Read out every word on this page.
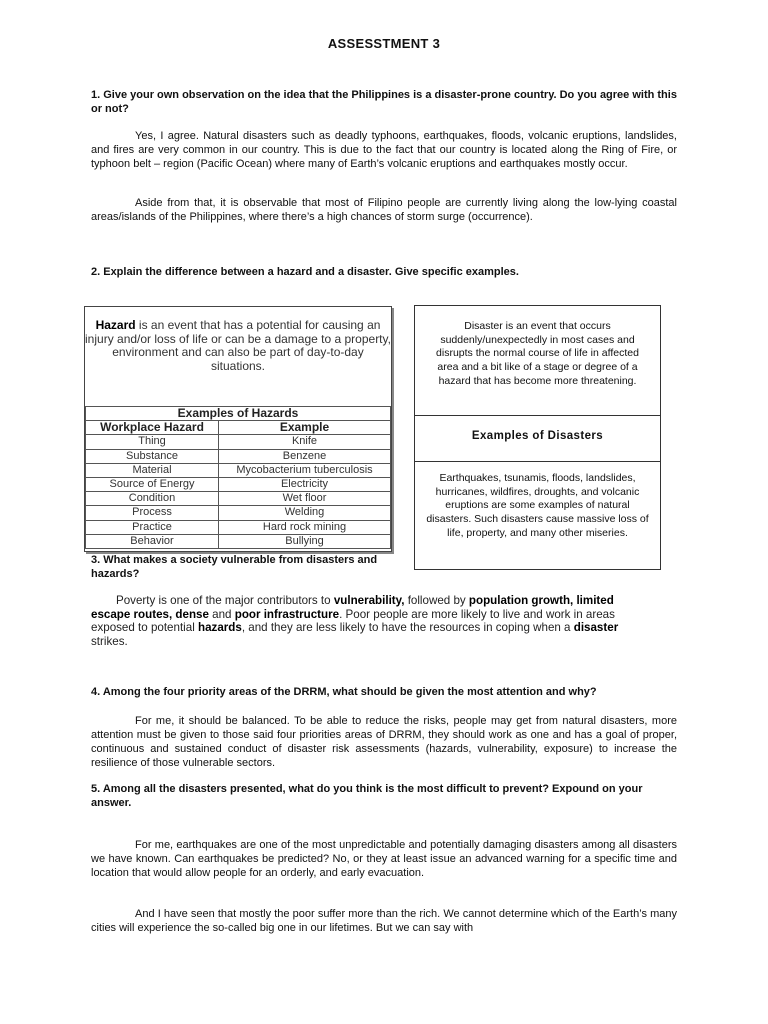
ASSESSTMENT 3
1. Give your own observation on the idea that the Philippines is a disaster-prone country. Do you agree with this or not?
Yes, I agree. Natural disasters such as deadly typhoons, earthquakes, floods, volcanic eruptions, landslides, and fires are very common in our country. This is due to the fact that our country is located along the Ring of Fire, or typhoon belt – region (Pacific Ocean) where many of Earth’s volcanic eruptions and earthquakes mostly occur.
Aside from that, it is observable that most of Filipino people are currently living along the low-lying coastal areas/islands of the Philippines, where there’s a high chances of storm surge (occurrence).
2. Explain the difference between a hazard and a disaster. Give specific examples.
Hazard is an event that has a potential for causing an injury and/or loss of life or can be a damage to a property, environment and can also be part of day-to-day situations.
Examples of Hazards	
Workplace Hazard	Example
Thing	Knife
Substance	Benzene
Material	Mycobacterium tuberculosis
Source of Energy	Electricity
Condition	Wet floor
Process	Welding
Practice	Hard rock mining
Behavior	Bullying
Disaster is an event that occurs suddenly/unexpectedly in most cases and disrupts the normal course of life in affected area and a bit like of a stage or degree of a hazard that has become more threatening.
Examples of Disasters
Earthquakes, tsunamis, floods, landslides, hurricanes, wildfires, droughts, and volcanic eruptions are some examples of natural disasters. Such disasters cause massive loss of life, property, and many other miseries.
3. What makes a society vulnerable from disasters and hazards?
Poverty is one of the major contributors to vulnerability, followed by population growth, limited escape routes, dense and poor infrastructure. Poor people are more likely to live and work in areas exposed to potential hazards, and they are less likely to have the resources in coping when a disaster strikes.
4. Among the four priority areas of the DRRM, what should be given the most attention and why?
For me, it should be balanced. To be able to reduce the risks, people may get from natural disasters, more attention must be given to those said four priorities areas of DRRM, they should work as one and has a goal of proper, continuous and sustained conduct of disaster risk assessments (hazards, vulnerability, exposure) to increase the resilience of those vulnerable sectors.
5. Among all the disasters presented, what do you think is the most difficult to prevent? Expound on your answer.
For me, earthquakes are one of the most unpredictable and potentially damaging disasters among all disasters we have known. Can earthquakes be predicted? No, or they at least issue an advanced warning for a specific time and location that would allow people for an orderly, and early evacuation.
And I have seen that mostly the poor suffer more than the rich. We cannot determine which of the Earth’s many cities will experience the so-called big one in our lifetimes. But we can say with
